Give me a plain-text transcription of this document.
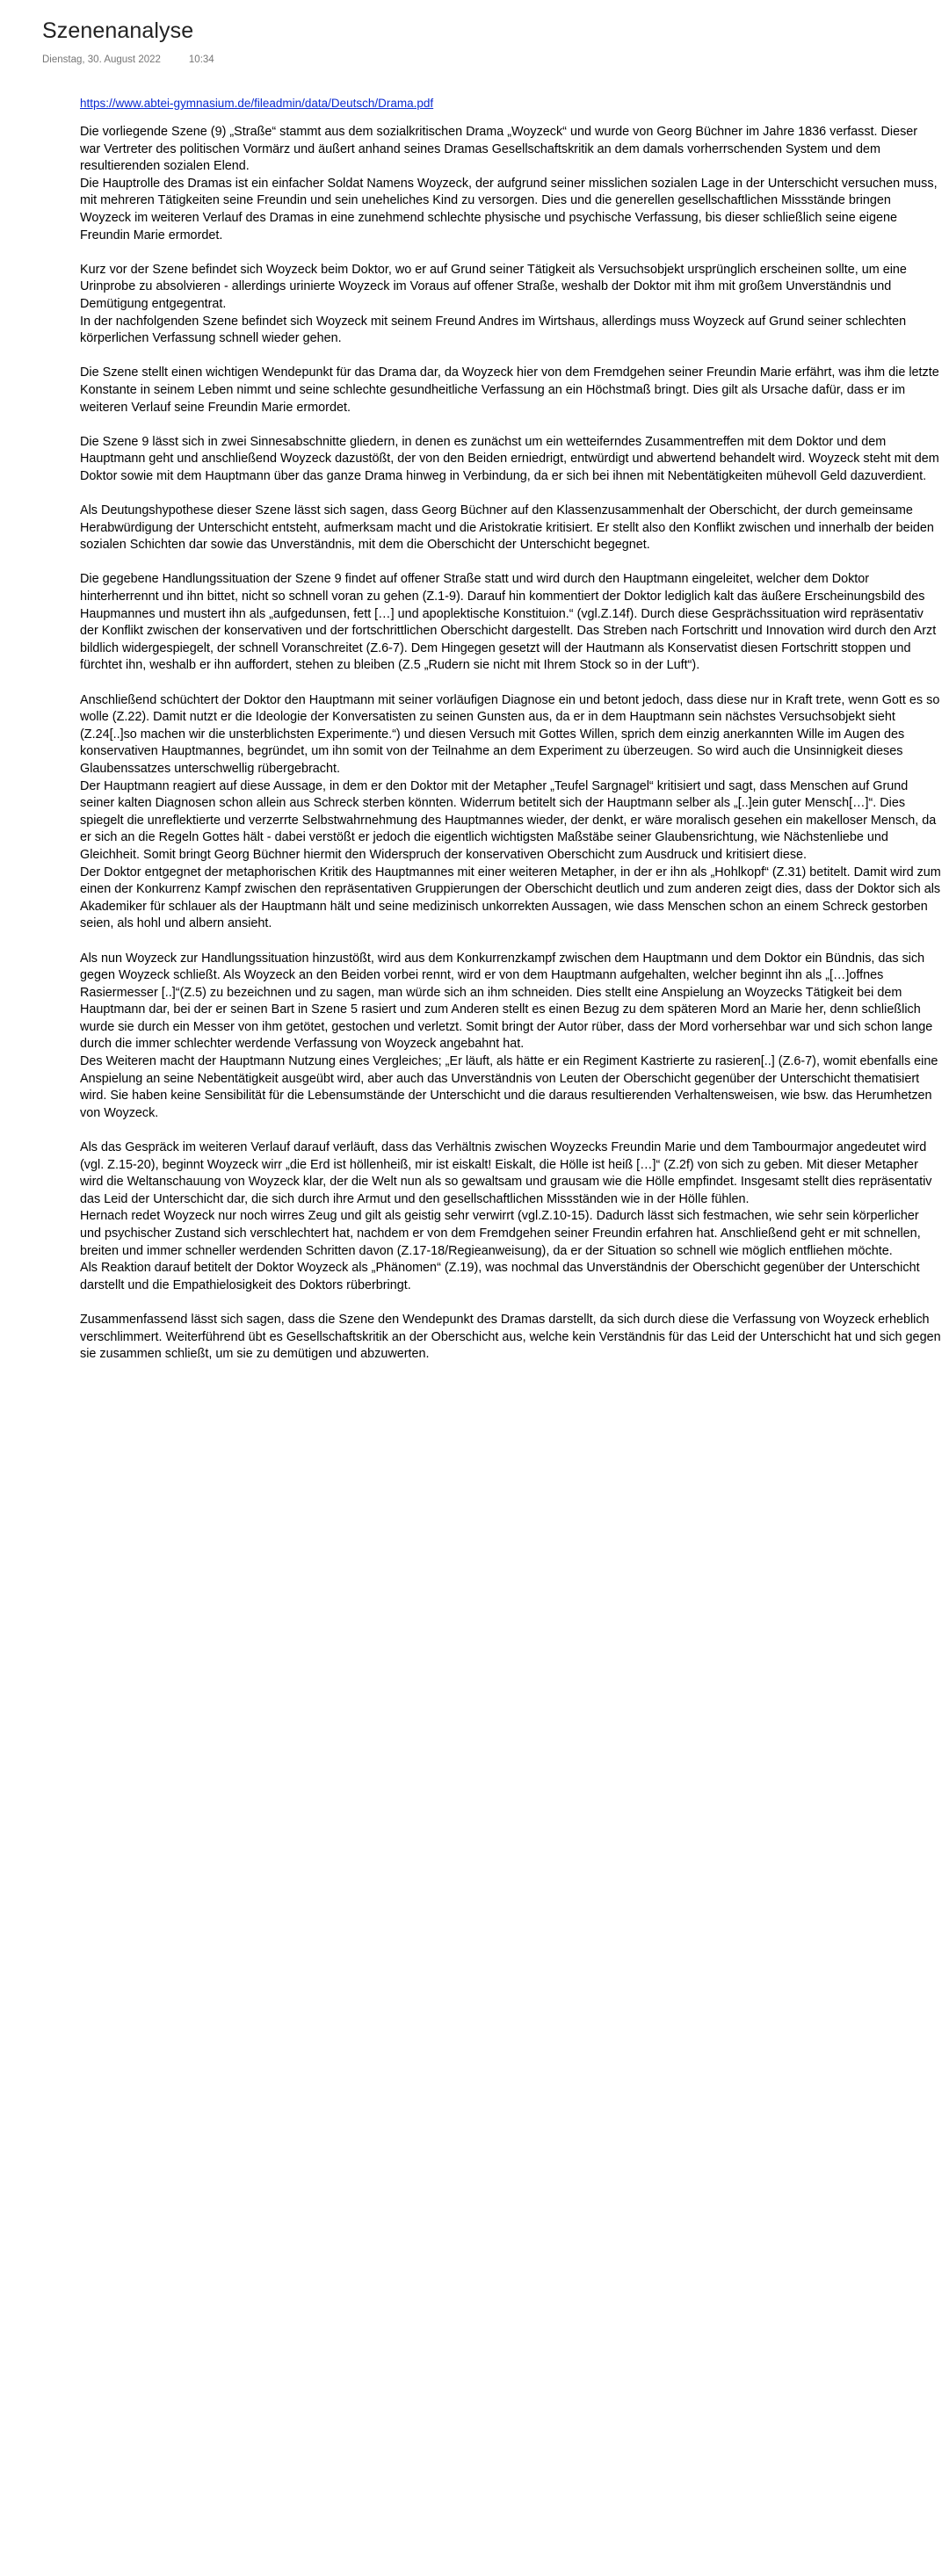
Szenenanalyse
Dienstag, 30. August 2022	10:34
https://www.abtei-gymnasium.de/fileadmin/data/Deutsch/Drama.pdf
Die vorliegende Szene (9) „Straße“ stammt aus dem sozialkritischen Drama „Woyzeck“ und wurde von Georg Büchner im Jahre 1836 verfasst. Dieser war Vertreter des politischen Vormärz und äußert anhand seines Dramas Gesellschaftskritik an dem damals vorherrschenden System und dem resultierenden sozialen Elend.
Die Hauptrolle des Dramas ist ein einfacher Soldat Namens Woyzeck, der aufgrund seiner misslichen sozialen Lage in der Unterschicht versuchen muss, mit mehreren Tätigkeiten seine Freundin und sein uneheliches Kind zu versorgen. Dies und die generellen gesellschaftlichen Missstände bringen Woyzeck im weiteren Verlauf des Dramas in eine zunehmend schlechte physische und psychische Verfassung, bis dieser schließlich seine eigene Freundin Marie ermordet.
Kurz vor der Szene befindet sich Woyzeck beim Doktor, wo er auf Grund seiner Tätigkeit als Versuchsobjekt ursprünglich erscheinen sollte, um eine Urinprobe zu absolvieren - allerdings urinierte Woyzeck im Voraus auf offener Straße, weshalb der Doktor mit ihm mit großem Unverständnis und Demütigung entgegentrat.
In der nachfolgenden Szene befindet sich Woyzeck mit seinem Freund Andres im Wirtshaus, allerdings muss Woyzeck auf Grund seiner schlechten körperlichen Verfassung schnell wieder gehen.
Die Szene stellt einen wichtigen Wendepunkt für das Drama dar, da Woyzeck hier von dem Fremdgehen seiner Freundin Marie erfährt, was ihm die letzte Konstante in seinem Leben nimmt und seine schlechte gesundheitliche Verfassung an ein Höchstmaß bringt. Dies gilt als Ursache dafür, dass er im weiteren Verlauf seine Freundin Marie ermordet.
Die Szene 9 lässt sich in zwei Sinnesabschnitte gliedern, in denen es zunächst um ein wetteiferndes Zusammentreffen mit dem Doktor und dem Hauptmann geht und anschließend Woyzeck dazustößt, der von den Beiden erniedrigt, entwürdigt und abwertend behandelt wird. Woyzeck steht mit dem Doktor sowie mit dem Hauptmann über das ganze Drama hinweg in Verbindung, da er sich bei ihnen mit Nebentätigkeiten mühevoll Geld dazuverdient.
Als Deutungshypothese dieser Szene lässt sich sagen, dass Georg Büchner auf den Klassenzusammenhalt der Oberschicht, der durch gemeinsame Herabwürdigung der Unterschicht entsteht, aufmerksam macht und die Aristokratie kritisiert. Er stellt also den Konflikt zwischen und innerhalb der beiden sozialen Schichten dar sowie das Unverständnis, mit dem die Oberschicht der Unterschicht begegnet.
Die gegebene Handlungssituation der Szene 9 findet auf offener Straße statt und wird durch den Hauptmann eingeleitet, welcher dem Doktor hinterherrennt und ihn bittet, nicht so schnell voran zu gehen (Z.1-9). Darauf hin kommentiert der Doktor lediglich kalt das äußere Erscheinungsbild des Haupmannes und mustert ihn als „aufgedunsen, fett […] und apoplektische Konstituion.“ (vgl.Z.14f). Durch diese Gesprächssituation wird repräsentativ der Konflikt zwischen der konservativen und der fortschrittlichen Oberschicht dargestellt. Das Streben nach Fortschritt und Innovation wird durch den Arzt bildlich widergespiegelt, der schnell Voranschreitet (Z.6-7). Dem Hingegen gesetzt will der Hautmann als Konservatist diesen Fortschritt stoppen und fürchtet ihn, weshalb er ihn auffordert, stehen zu bleiben (Z.5 „Rudern sie nicht mit Ihrem Stock so in der Luft“).
Anschließend schüchtert der Doktor den Hauptmann mit seiner vorläufigen Diagnose ein und betont jedoch, dass diese nur in Kraft trete, wenn Gott es so wolle (Z.22). Damit nutzt er die Ideologie der Konversatisten zu seinen Gunsten aus, da er in dem Hauptmann sein nächstes Versuchsobjekt sieht (Z.24[..]so machen wir die unsterblichsten Experimente.“) und diesen Versuch mit Gottes Willen, sprich dem einzig anerkannten Wille im Augen des konservativen Hauptmannes, begründet, um ihn somit von der Teilnahme an dem Experiment zu überzeugen. So wird auch die Unsinnigkeit dieses Glaubenssatzes unterschwellig rübergebracht.
Der Hauptmann reagiert auf diese Aussage, in dem er den Doktor mit der Metapher „Teufel Sargnagel“ kritisiert und sagt, dass Menschen auf Grund seiner kalten Diagnosen schon allein aus Schreck sterben könnten. Widerrum betitelt sich der Hauptmann selber als „[..]ein guter Mensch[…]“. Dies spiegelt die unreflektierte und verzerrte Selbstwahrnehmung des Hauptmannes wieder, der denkt, er wäre moralisch gesehen ein makelloser Mensch, da er sich an die Regeln Gottes hält - dabei verstößt er jedoch die eigentlich wichtigsten Maßstäbe seiner Glaubensrichtung, wie Nächstenliebe und Gleichheit. Somit bringt Georg Büchner hiermit den Widerspruch der konservativen Oberschicht zum Ausdruck und kritisiert diese.
Der Doktor entgegnet der metaphorischen Kritik des Hauptmannes mit einer weiteren Metapher, in der er ihn als „Hohlkopf“ (Z.31) betitelt. Damit wird zum einen der Konkurrenz Kampf zwischen den repräsentativen Gruppierungen der Oberschicht deutlich und zum anderen zeigt dies, dass der Doktor sich als Akademiker für schlauer als der Hauptmann hält und seine medizinisch unkorrekten Aussagen, wie dass Menschen schon an einem Schreck gestorben seien, als hohl und albern ansieht.
Als nun Woyzeck zur Handlungssituation hinzustößt, wird aus dem Konkurrenzkampf zwischen dem Hauptmann und dem Doktor ein Bündnis, das sich gegen Woyzeck schließt. Als Woyzeck an den Beiden vorbei rennt, wird er von dem Hauptmann aufgehalten, welcher beginnt ihn als „[…]offnes Rasiermesser [..]“(Z.5) zu bezeichnen und zu sagen, man würde sich an ihm schneiden. Dies stellt eine Anspielung an Woyzecks Tätigkeit bei dem Hauptmann dar, bei der er seinen Bart in Szene 5 rasiert und zum Anderen stellt es einen Bezug zu dem späteren Mord an Marie her, denn schließlich wurde sie durch ein Messer von ihm getötet, gestochen und verletzt. Somit bringt der Autor rüber, dass der Mord vorhersehbar war und sich schon lange durch die immer schlechter werdende Verfassung von Woyzeck angebahnt hat.
Des Weiteren macht der Hauptmann Nutzung eines Vergleiches; „Er läuft, als hätte er ein Regiment Kastrierte zu rasieren[..] (Z.6-7), womit ebenfalls eine Anspielung an seine Nebentätigkeit ausgeübt wird, aber auch das Unverständnis von Leuten der Oberschicht gegenüber der Unterschicht thematisiert wird. Sie haben keine Sensibilität für die Lebensumstände der Unterschicht und die daraus resultierenden Verhaltensweisen, wie bsw. das Herumhetzen von Woyzeck.
Als das Gespräck im weiteren Verlauf darauf verläuft, dass das Verhältnis zwischen Woyzecks Freundin Marie und dem Tambourmajor angedeutet wird (vgl. Z.15-20), beginnt Woyzeck wirr „die Erd ist höllenheiß, mir ist eiskalt! Eiskalt, die Hölle ist heiß […]“ (Z.2f) von sich zu geben. Mit dieser Metapher wird die Weltanschauung von Woyzeck klar, der die Welt nun als so gewaltsam und grausam wie die Hölle empfindet. Insgesamt stellt dies repräsentativ das Leid der Unterschicht dar, die sich durch ihre Armut und den gesellschaftlichen Missständen wie in der Hölle fühlen.
Hernach redet Woyzeck nur noch wirres Zeug und gilt als geistig sehr verwirrt (vgl.Z.10-15). Dadurch lässt sich festmachen, wie sehr sein körperlicher und psychischer Zustand sich verschlechtert hat, nachdem er von dem Fremdgehen seiner Freundin erfahren hat. Anschließend geht er mit schnellen, breiten und immer schneller werdenden Schritten davon (Z.17-18/Regieanweisung), da er der Situation so schnell wie möglich entfliehen möchte.
Als Reaktion darauf betitelt der Doktor Woyzeck als „Phänomen“ (Z.19), was nochmal das Unverständnis der Oberschicht gegenüber der Unterschicht darstellt und die Empathielosigkeit des Doktors rüberbringt.
Zusammenfassend lässt sich sagen, dass die Szene den Wendepunkt des Dramas darstellt, da sich durch diese die Verfassung von Woyzeck erheblich verschlimmert. Weiterführend übt es Gesellschaftskritik an der Oberschicht aus, welche kein Verständnis für das Leid der Unterschicht hat und sich gegen sie zusammen schließt, um sie zu demütigen und abzuwerten.
